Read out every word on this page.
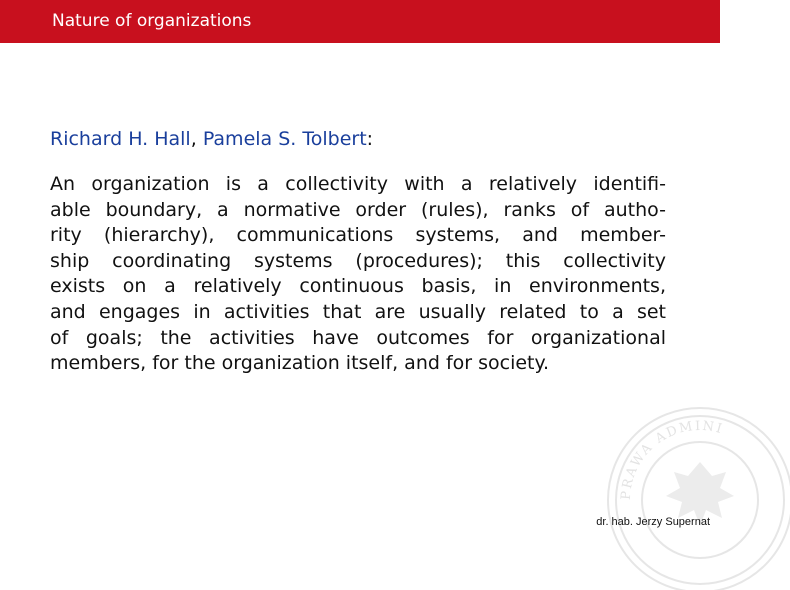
Nature of organizations
Richard H. Hall, Pamela S. Tolbert:
An organization is a collectivity with a relatively identifi-
able boundary, a normative order (rules), ranks of autho-
rity (hierarchy), communications systems, and member-
ship coordinating systems (procedures); this collectivity
exists on a relatively continuous basis, in environments,
and engages in activities that are usually related to a set
of goals; the activities have outcomes for organizational
members, for the organization itself, and for society.
PRAWA ADMINI
dr. hab. Jerzy Supernat
